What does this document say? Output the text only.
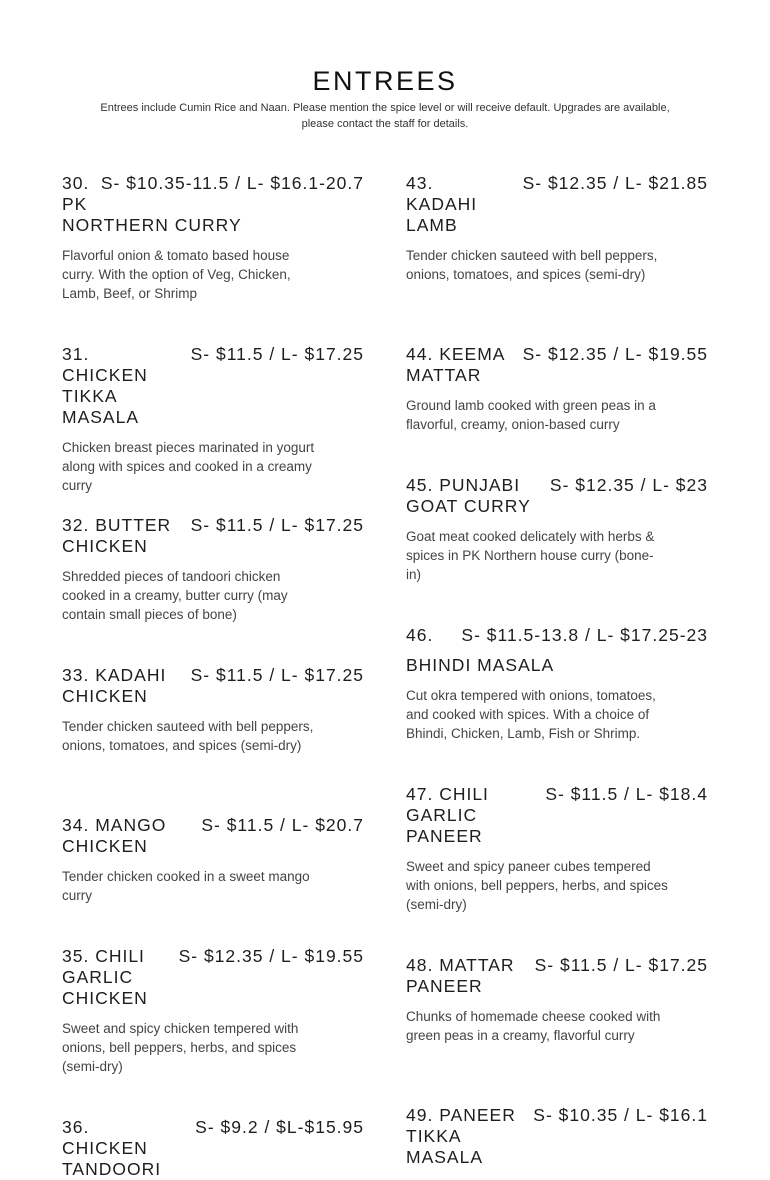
ENTREES
Entrees include Cumin Rice and Naan. Please mention the spice level or will receive default. Upgrades are available,
please contact the staff for details.
30.
PK
NORTHERN CURRY
S- $10.35-11.5 / L- $16.1-20.7
Flavorful onion & tomato based house curry. With the option of Veg, Chicken, Lamb, Beef, or Shrimp
31. CHICKEN TIKKA MASALA
S- $11.5 / L- $17.25
Chicken breast pieces marinated in yogurt along with spices and cooked in a creamy curry
32. BUTTER CHICKEN
S- $11.5 / L- $17.25
Shredded pieces of tandoori chicken cooked in a creamy, butter curry (may contain small pieces of bone)
33. KADAHI CHICKEN
S- $11.5 / L- $17.25
Tender chicken sauteed with bell peppers, onions, tomatoes, and spices (semi-dry)
34. MANGO CHICKEN
S- $11.5 / L- $20.7
Tender chicken cooked in a sweet mango curry
35. CHILI GARLIC CHICKEN
S- $12.35 / L- $19.55
Sweet and spicy chicken tempered with onions, bell peppers, herbs, and spices (semi-dry)
36. CHICKEN TANDOORI
S- $9.2 / $L-$15.95
43. KADAHI LAMB
S- $12.35 / L- $21.85
Tender chicken sauteed with bell peppers, onions, tomatoes, and spices (semi-dry)
44. KEEMA MATTAR
S- $12.35 / L- $19.55
Ground lamb cooked with green peas in a flavorful, creamy, onion-based curry
45. PUNJABI GOAT CURRY
S- $12.35 / L- $23
Goat meat cooked delicately with herbs & spices in PK Northern house curry (bone-in)
46.
BHINDI MASALA
S- $11.5-13.8 / L- $17.25-23
Cut okra tempered with onions, tomatoes, and cooked with spices. With a choice of Bhindi, Chicken, Lamb, Fish or Shrimp.
47. CHILI GARLIC PANEER
S- $11.5 / L- $18.4
Sweet and spicy paneer cubes tempered with onions, bell peppers, herbs, and spices (semi-dry)
48. MATTAR PANEER
S- $11.5 / L- $17.25
Chunks of homemade cheese cooked with green peas in a creamy, flavorful curry
49. PANEER TIKKA MASALA
S- $10.35 / L- $16.1
